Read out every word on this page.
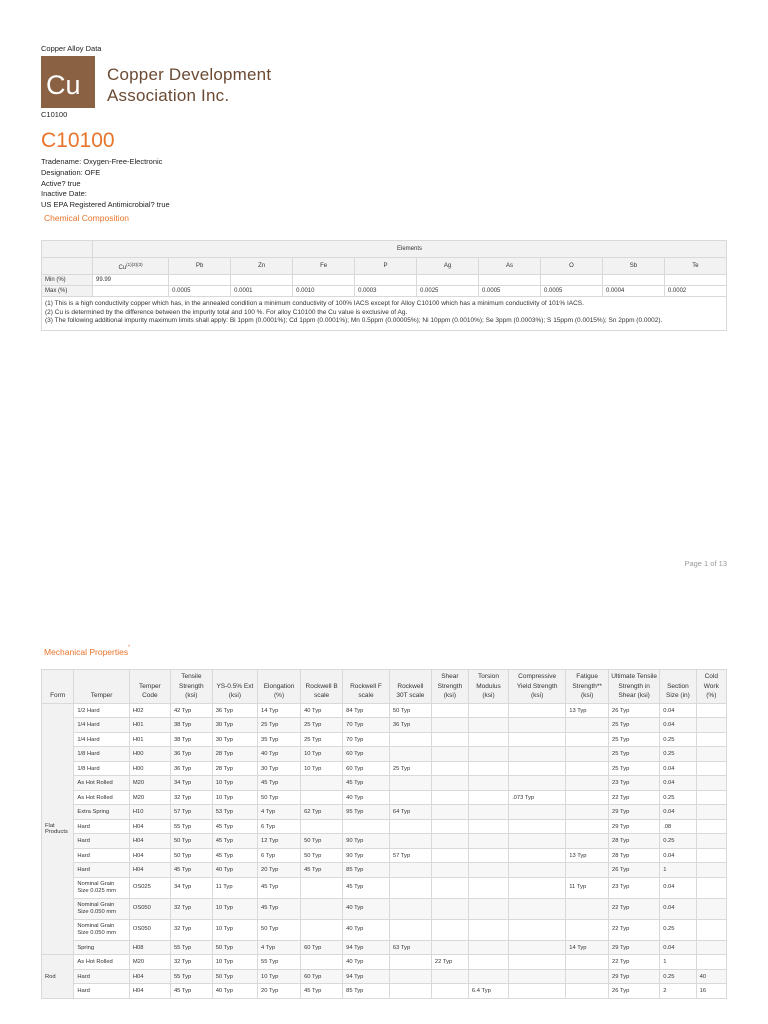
Copper Alloy Data
Cu	Copper Development
Association Inc.
C10100
C10100
Tradename: Oxygen-Free-Electronic
Designation: OFE
Active? true
Inactive Date:
US EPA Registered Antimicrobial? true
Chemical Composition
	Elements									
	$Cu^{(1)(2)(3)}$	Pb	Zn	Fe	P	Ag	As	O	Sb	Te
Min (%)	99.99									
Max (%)		0.0005	0.0001	0.0010	0.0003	0.0025	0.0005	0.0005	0.0004	0.0002

(1) This is a high conductivity copper which has, in the annealed condition a minimum conductivity of 100% IACS except for Alloy C10100 which has a minimum conductivity of 101% IACS.
(2) Cu is determined by the difference between the impurity total and 100 %. For alloy C10100 the Cu value is exclusive of Ag.
(3) The following additional impurity maximum limits shall apply: Bi 1ppm (0.0001%); Cd 1ppm (0.0001%); Mn 0.5ppm (0.00005%); Ni 10ppm (0.0010%); Se 3ppm (0.0003%); S 15ppm (0.0015%); Sn 2ppm (0.0002).										
Page 1 of 13
Mechanical Properties*
Form	Temper	Temper Code	Tensile Strength (ksi)	YS-0.5% Ext (ksi)	Elongation (%)	Rockwell B scale	Rockwell F scale	Rockwell 30T scale	Shear Strength (ksi)	Torsion Modulus (ksi)	Compressive Yield Strength (ksi)	Fatigue Strength** (ksi)	Ultimate Tensile Strength in Shear (ksi)	Section Size (in)	Cold Work (%)
Flat Products	1/2 Hard	H02	42 Typ	36 Typ	14 Typ	40 Typ	84 Typ	50 Typ				13 Typ	26 Typ	0.04	
	1/4 Hard	H01	38 Typ	30 Typ	25 Typ	25 Typ	70 Typ	36 Typ					25 Typ	0.04	
	1/4 Hard	H01	38 Typ	30 Typ	35 Typ	25 Typ	70 Typ						25 Typ	0.25	
	1/8 Hard	H00	36 Typ	28 Typ	40 Typ	10 Typ	60 Typ						25 Typ	0.25	
	1/8 Hard	H00	36 Typ	28 Typ	30 Typ	10 Typ	60 Typ	25 Typ					25 Typ	0.04	
	As Hot Rolled	M20	34 Typ	10 Typ	45 Typ		45 Typ						23 Typ	0.04	
	As Hot Rolled	M20	32 Typ	10 Typ	50 Typ		40 Typ				.073 Typ		22 Typ	0.25	
	Extra Spring	H10	57 Typ	53 Typ	4 Typ	62 Typ	95 Typ	64 Typ					29 Typ	0.04	
	Hard	H04	55 Typ	45 Typ	6 Typ								29 Typ	.08	
	Hard	H04	50 Typ	45 Typ	12 Typ	50 Typ	90 Typ						28 Typ	0.25	
	Hard	H04	50 Typ	45 Typ	6 Typ	50 Typ	90 Typ	57 Typ				13 Typ	28 Typ	0.04	
	Hard	H04	45 Typ	40 Typ	20 Typ	45 Typ	85 Typ						26 Typ	1	
	Nominal Grain Size 0.025 mm	OS025	34 Typ	11 Typ	45 Typ		45 Typ					11 Typ	23 Typ	0.04	
	Nominal Grain Size 0.050 mm	OS050	32 Typ	10 Typ	45 Typ		40 Typ						22 Typ	0.04	
	Nominal Grain Size 0.050 mm	OS050	32 Typ	10 Typ	50 Typ		40 Typ						22 Typ	0.25	
	Spring	H08	55 Typ	50 Typ	4 Typ	60 Typ	94 Typ	63 Typ				14 Typ	29 Typ	0.04	
Rod	As Hot Rolled	M20	32 Typ	10 Typ	55 Typ		40 Typ		22 Typ				22 Typ	1	
	Hard	H04	55 Typ	50 Typ	10 Typ	60 Typ	94 Typ						29 Typ	0.25	40
	Hard	H04	45 Typ	40 Typ	20 Typ	45 Typ	85 Typ			6.4 Typ			26 Typ	2	16
